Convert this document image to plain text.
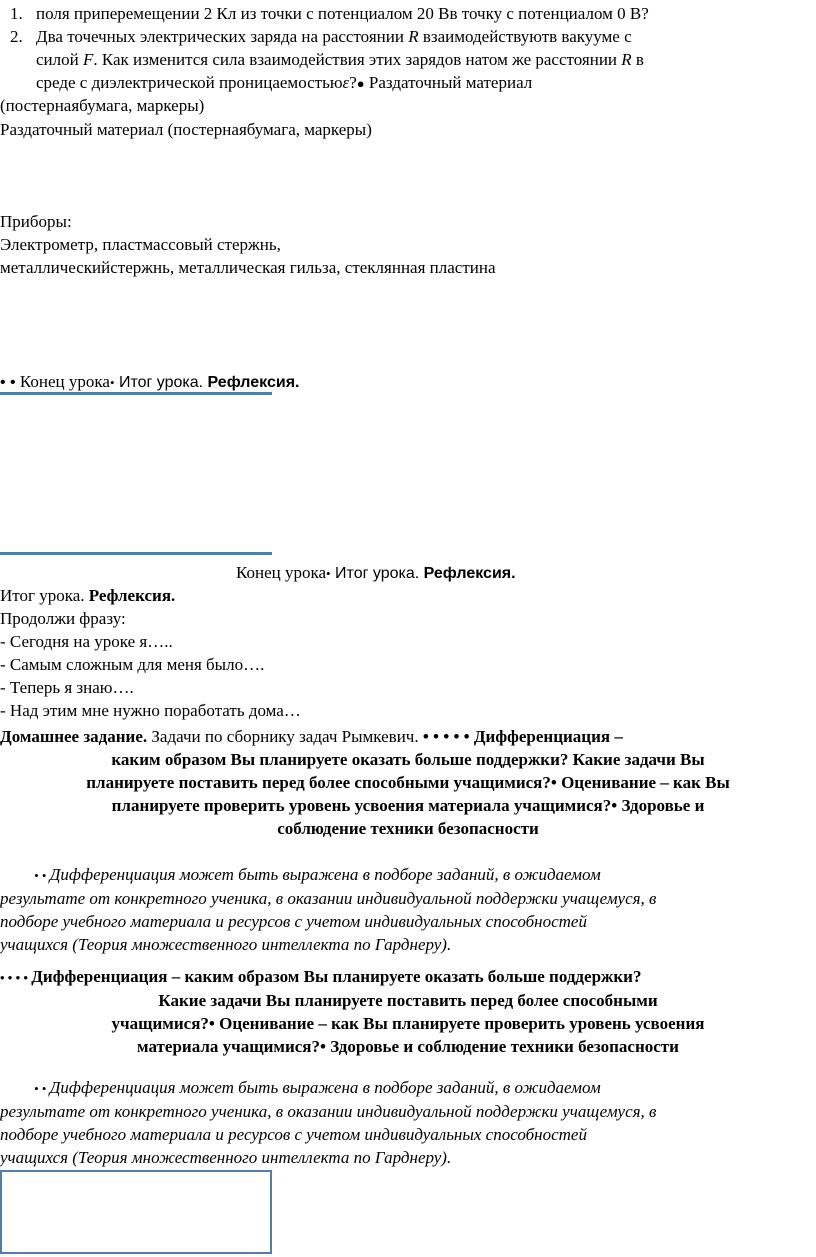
1. поля приперемещении 2 Кл из точки с потенциалом 20 Вв точку с потенциалом 0 В?
2. Два точечных электрических заряда на расстоянии R взаимодействуютв вакууме с
силой F. Как изменится сила взаимодействия этих зарядов натом же расстоянии R в
среде с диэлектрической проницаемостьюε?● Раздаточный материал
(постернаябумага, маркеры)
Раздаточный материал (постернаябумага, маркеры)
Приборы:
Электрометр, пластмассовый стержнь,
металлическийстержнь, металлическая гильза, стеклянная пластина
• • Конец урока• Итог урока. Рефлексия.
Конец урока• Итог урока. Рефлексия.
Итог урока. Рефлексия.
Продолжи фразу:
- Сегодня на уроке я…..
- Самым сложным для меня было….
- Теперь я знаю….
- Над этим мне нужно поработать дома…
Домашнее задание. Задачи по сборнику задач Рымкевич. • • • • • Дифференциация –
каким образом Вы планируете оказать больше поддержки? Какие задачи Вы
планируете поставить перед более способными учащимися?• Оценивание – как Вы
планируете проверить уровень усвоения материала учащимися?• Здоровье и
соблюдение техники безопасности
• • Дифференциация может быть выражена в подборе заданий, в ожидаемом
результате от конкретного ученика, в оказании индивидуальной поддержки учащемуся, в
подборе учебного материала и ресурсов с учетом индивидуальных способностей
учащихся (Теория множественного интеллекта по Гарднеру).
• • • • Дифференциация – каким образом Вы планируете оказать больше поддержки?
Какие задачи Вы планируете поставить перед более способными
учащимися?• Оценивание – как Вы планируете проверить уровень усвоения
материала учащимися?• Здоровье и соблюдение техники безопасности
• • Дифференциация может быть выражена в подборе заданий, в ожидаемом
результате от конкретного ученика, в оказании индивидуальной поддержки учащемуся, в
подборе учебного материала и ресурсов с учетом индивидуальных способностей
учащихся (Теория множественного интеллекта по Гарднеру).
